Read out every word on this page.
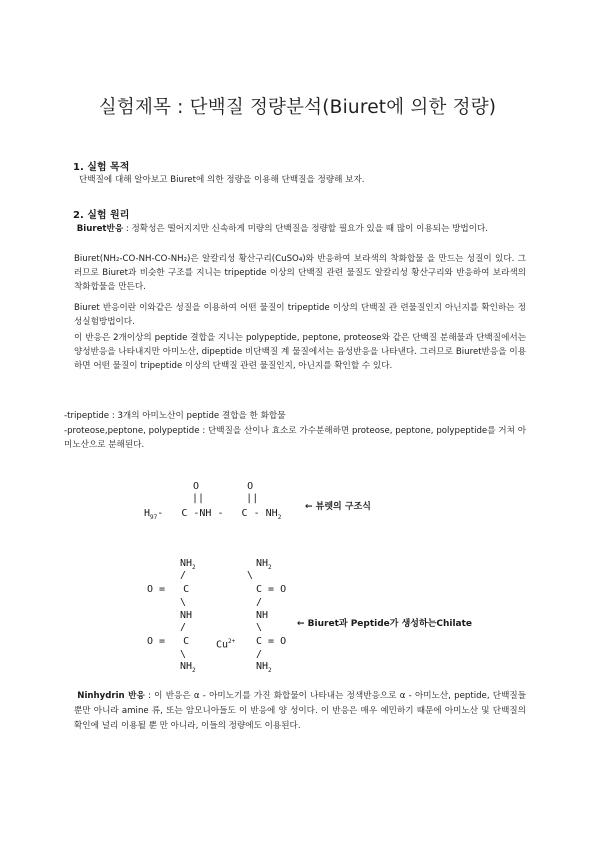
실험제목 : 단백질 정량분석(Biuret에 의한 정량)
1. 실험 목적
단백질에 대해 알아보고 Biuret에 의한 정량을 이용해 단백질을 정량해 보자.
2. 실험 원리
Biuret반응 : 정확성은 떨어지지만 신속하게 미량의 단백질을 정량할 필요가 있을 때 많이 이용되는 방법이다.
Biuret(NH₂-CO-NH-CO-NH₂)은 알칼리성 황산구리(CuSO₄)와 반응하여 보라색의 착화합물 을 만드는 성질이 있다. 그러므로 Biuret과 비슷한 구조를 지니는 tripeptide 이상의 단백질 관련 물질도 알칼리성 황산구리와 반응하여 보라색의 착화합물을 만든다.
Biuret 반응이란 이와같은 성질을 이용하여 어떤 물질이 tripeptide 이상의 단백질 관 련물질인지 아닌지를 확인하는 정성실험방법이다.
이 반응은 2개이상의 peptide 결합을 지니는 polypeptide, peptone, proteose와 같은 단백질 분해물과 단백질에서는 양성반응을 나타내지만 아미노산, dipeptide 비단백질 계 물질에서는 음성반응을 나타낸다. 그러므로 Biuret반응을 이용하면 어떤 물질이 tripeptide 이상의 단백질 관련 물질인지, 아닌지를 확인할 수 있다.
-tripeptide : 3개의 아미노산이 peptide 결합을 한 화합물
-proteose,peptone, polypeptide : 단백질을 산이나 효소로 가수분해하면 proteose, peptone, polypeptide를 거쳐 아미노산으로 분해된다.
O        O
||       ||
$H_{97}-$   C -NH -   C - $NH_2$
← 뷰렛의 구조식
$NH_2$	$NH_2$
/	\
O =   C	C = O
\	/
NH	NH
/	\
O =   C	$Cu^{2+}$ C = O
\	/
$NH_2$	$NH_2$
← Biuret과 Peptide가 생성하는Chilate
Ninhydrin 반응 : 이 반응은 α - 아미노기를 가진 화합물이 나타내는 정색반응으로 α - 아미노산, peptide, 단백질들 뿐만 아니라 amine 류, 또는 암모니아들도 이 반응에 양 성이다. 이 반응은 매우 예민하기 때문에 아미노산 및 단백질의 확인에 널리 이용될 뿐 만 아니라, 이들의 정량에도 이용된다.
